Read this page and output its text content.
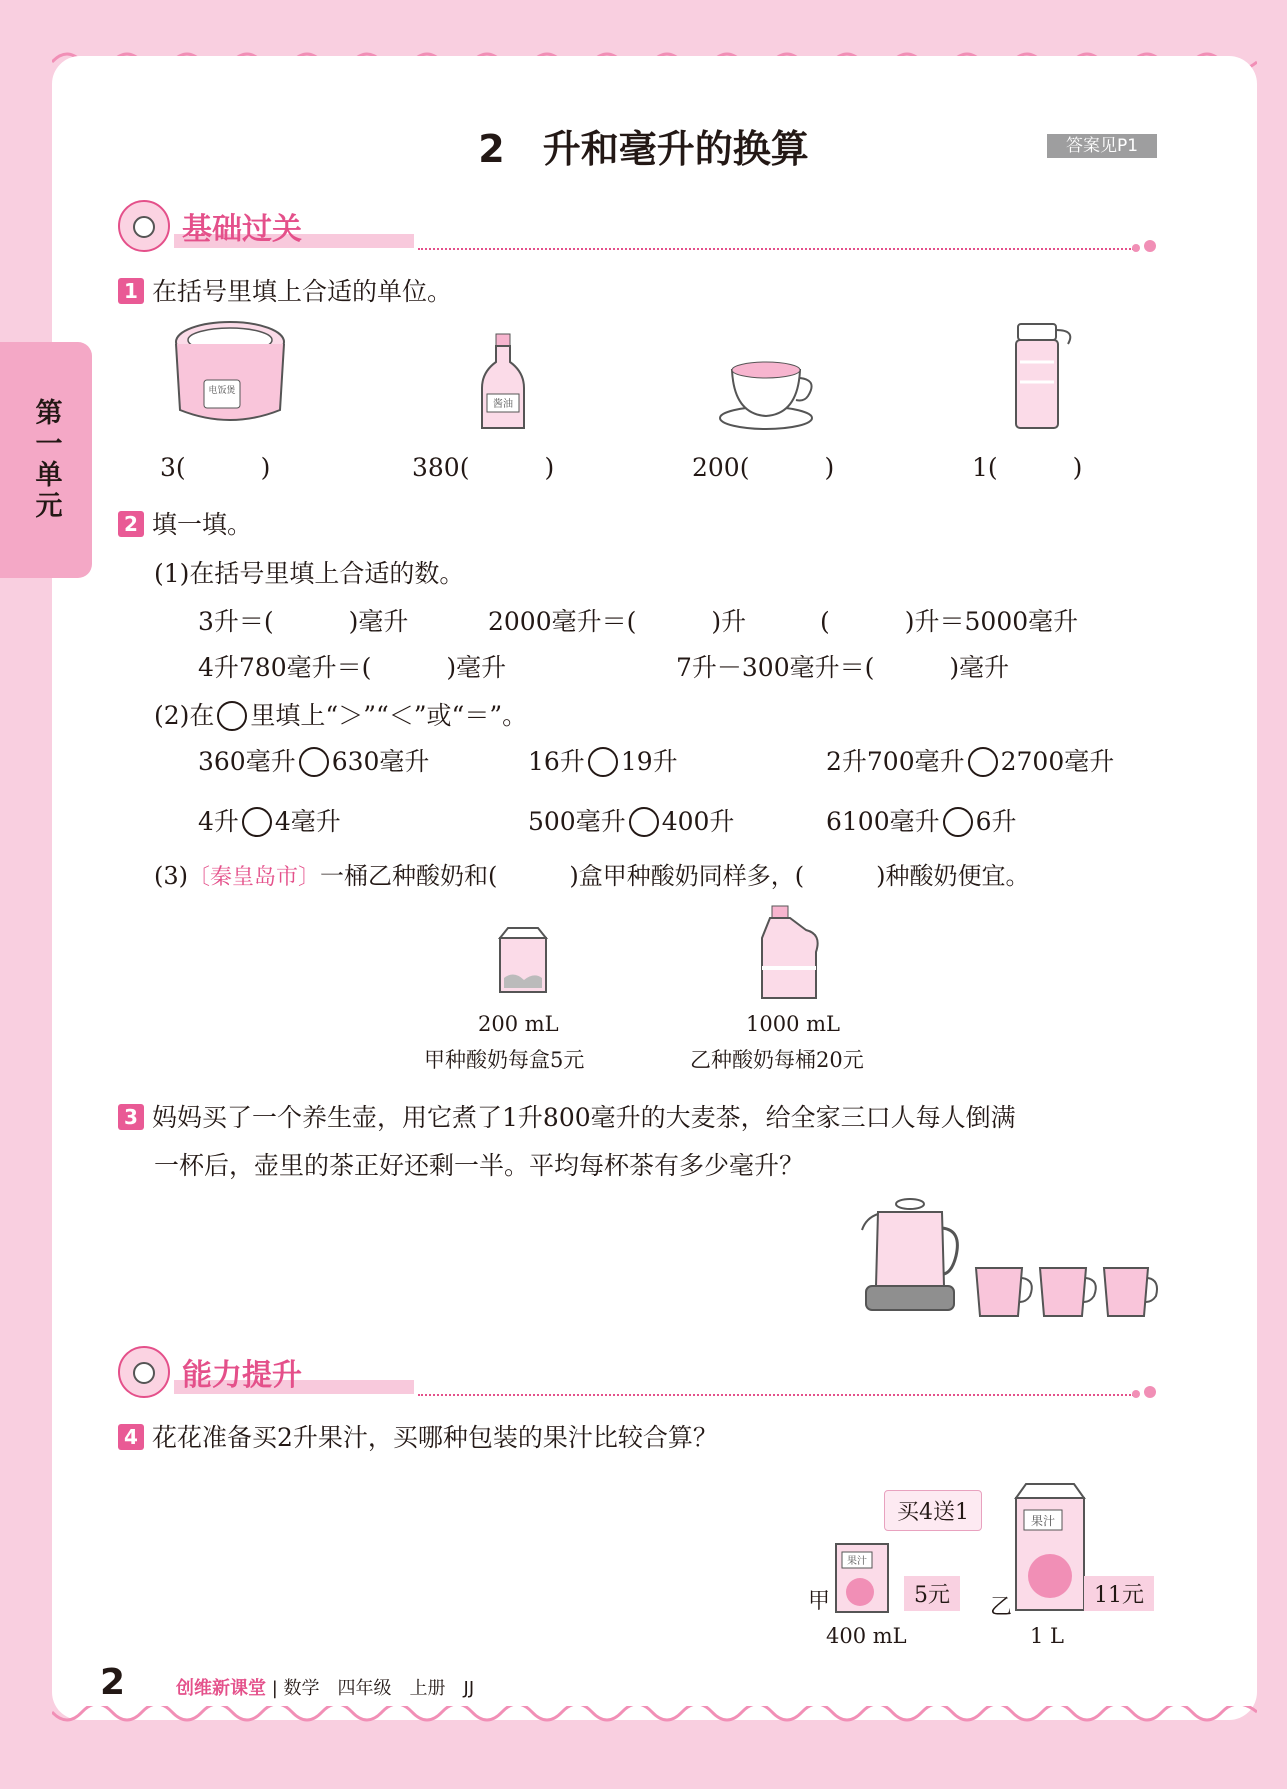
第一单元
2　升和毫升的换算	答案见P1
基础过关
1 在括号里填上合适的单位。
电饭煲
酱油
3(　　　)	380(　　　)	200(　　　)	1(　　　)
2 填一填。
(1)在括号里填上合适的数。
3升＝(　　　)毫升	2000毫升＝(　　　)升	(　　　)升＝5000毫升
4升780毫升＝(　　　)毫升	7升－300毫升＝(　　　)毫升
(2)在 里填上“＞”“＜”或“＝”。
360毫升 630毫升	16升 19升	2升700毫升 2700毫升
4升 4毫升	500毫升 400升	6100毫升 6升
(3)〔秦皇岛市〕一桶乙种酸奶和(　　　)盒甲种酸奶同样多，(　　　)种酸奶便宜。
200 mL
甲种酸奶每盒5元
1000 mL
乙种酸奶每桶20元
3 妈妈买了一个养生壶，用它煮了1升800毫升的大麦茶，给全家三口人每人倒满
一杯后，壶里的茶正好还剩一半。平均每杯茶有多少毫升？
能力提升
4 花花准备买2升果汁，买哪种包装的果汁比较合算？
买4送1
果汁
甲	5元
400 mL
果汁
乙	11元
1 L
2	创维新课堂 | 数学　四年级　上册　JJ
